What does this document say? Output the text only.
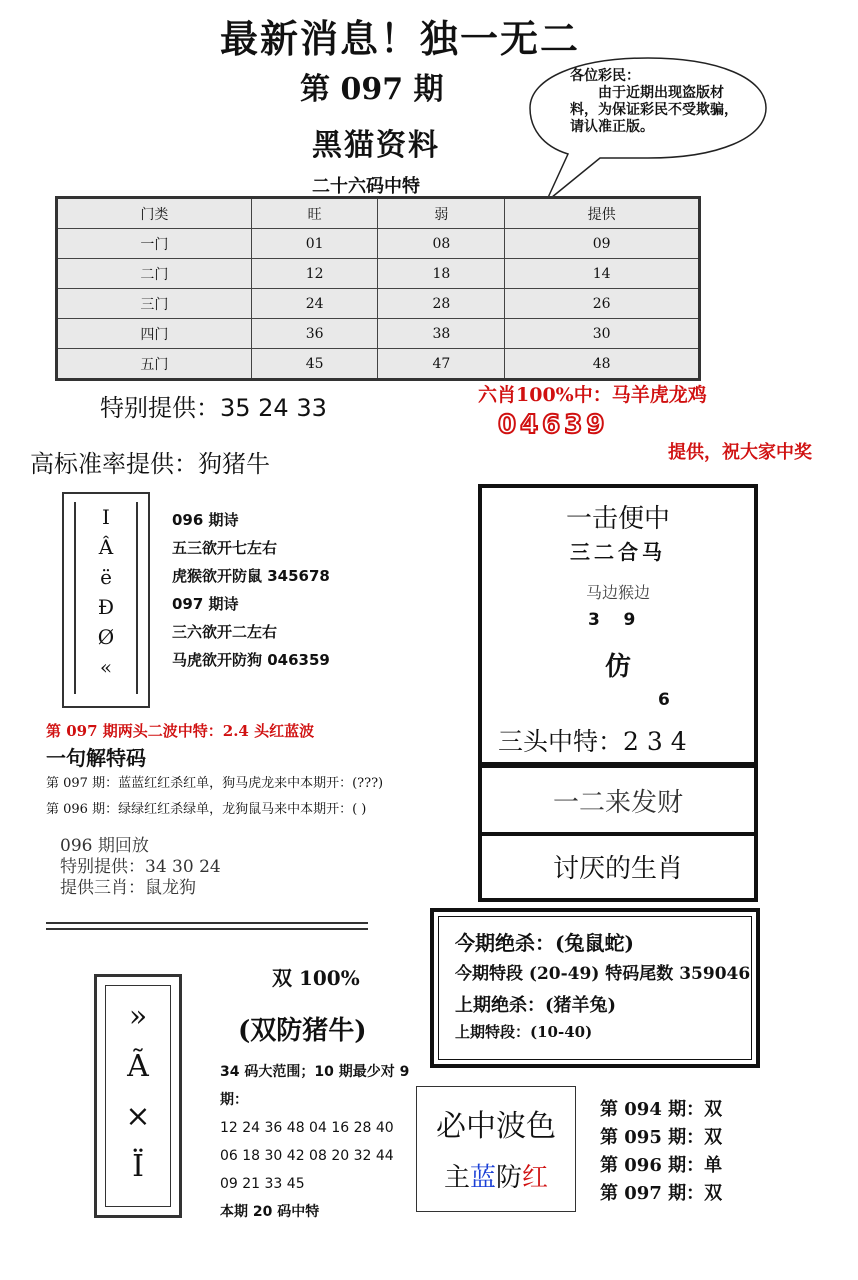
最新消息！独一无二
第 097 期
黑猫资料
二十六码中特
各位彩民：
由于近期出现盗版材料，为保证彩民不受欺骗，请认准正版。
门类	旺	弱	提供
一门	01	08	09
二门	12	18	14
三门	24	28	26
四门	36	38	30
五门	45	47	48
特别提供：35 24 33	六肖100%中：马羊虎龙鸡
04639
提供，祝大家中奖
高标准率提供：狗猪牛
I
Â
ë
Ð
Ø
«
096 期诗
五三欲开七左右
虎猴欲开防鼠 345678
097 期诗
三六欲开二左右
马虎欲开防狗 046359
第 097 期两头二波中特：2.4 头红蓝波
一句解特码
第 097 期：蓝蓝红红杀红单，狗马虎龙来中本期开：(???)
第 096 期：绿绿红红杀绿单，龙狗鼠马来中本期开：( )
096 期回放
特别提供：34 30 24
提供三肖：鼠龙狗
一击便中
三二合马
马边猴边
3    9
仿
6
三头中特：2 3 4
一二来发财
讨厌的生肖
今期绝杀：(兔鼠蛇)
今期特段 (20-49) 特码尾数 359046
上期绝杀：(猪羊兔)
上期特段：(10-40)
双 100%
(双防猪牛)
34 码大范围；10 期最少对 9 期：
12 24 36 48 04 16 28 40
06 18 30 42 08 20 32 44
09 21 33 45
本期 20 码中特
»
Ã
×
Ï
必中波色
主蓝防红
第 094 期：双
第 095 期：双
第 096 期：单
第 097 期：双
